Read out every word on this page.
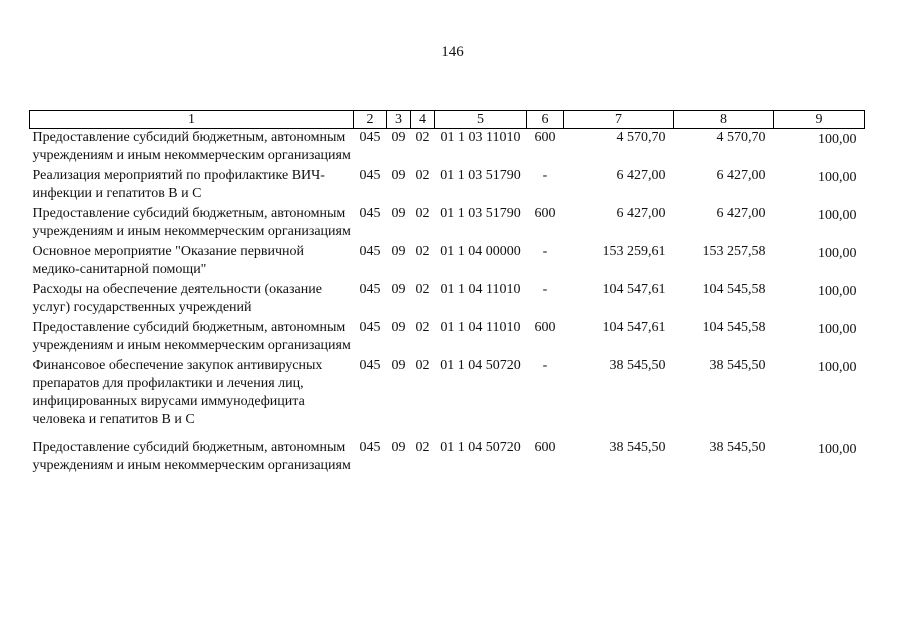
146
1	2	3	4	5	6	7	8	9
Предоставление субсидий бюджетным, автономным учреждениям и иным некоммерческим организациям	045	09	02	01 1 03 11010	600	4 570,70	4 570,70	100,00
Реализация мероприятий по профилактике ВИЧ-инфекции и гепатитов В и С	045	09	02	01 1 03 51790	-	6 427,00	6 427,00	100,00
Предоставление субсидий бюджетным, автономным учреждениям и иным некоммерческим организациям	045	09	02	01 1 03 51790	600	6 427,00	6 427,00	100,00
Основное мероприятие "Оказание первичной медико-санитарной помощи"	045	09	02	01 1 04 00000	-	153 259,61	153 257,58	100,00
Расходы на обеспечение деятельности (оказание услуг) государственных учреждений	045	09	02	01 1 04 11010	-	104 547,61	104 545,58	100,00
Предоставление субсидий бюджетным, автономным учреждениям и иным некоммерческим организациям	045	09	02	01 1 04 11010	600	104 547,61	104 545,58	100,00
Финансовое обеспечение закупок антивирусных препаратов для профилактики и лечения лиц, инфицированных вирусами иммунодефицита человека и гепатитов В и С	045	09	02	01 1 04 50720	-	38 545,50	38 545,50	100,00
Предоставление субсидий бюджетным, автономным учреждениям и иным некоммерческим организациям	045	09	02	01 1 04 50720	600	38 545,50	38 545,50	100,00
